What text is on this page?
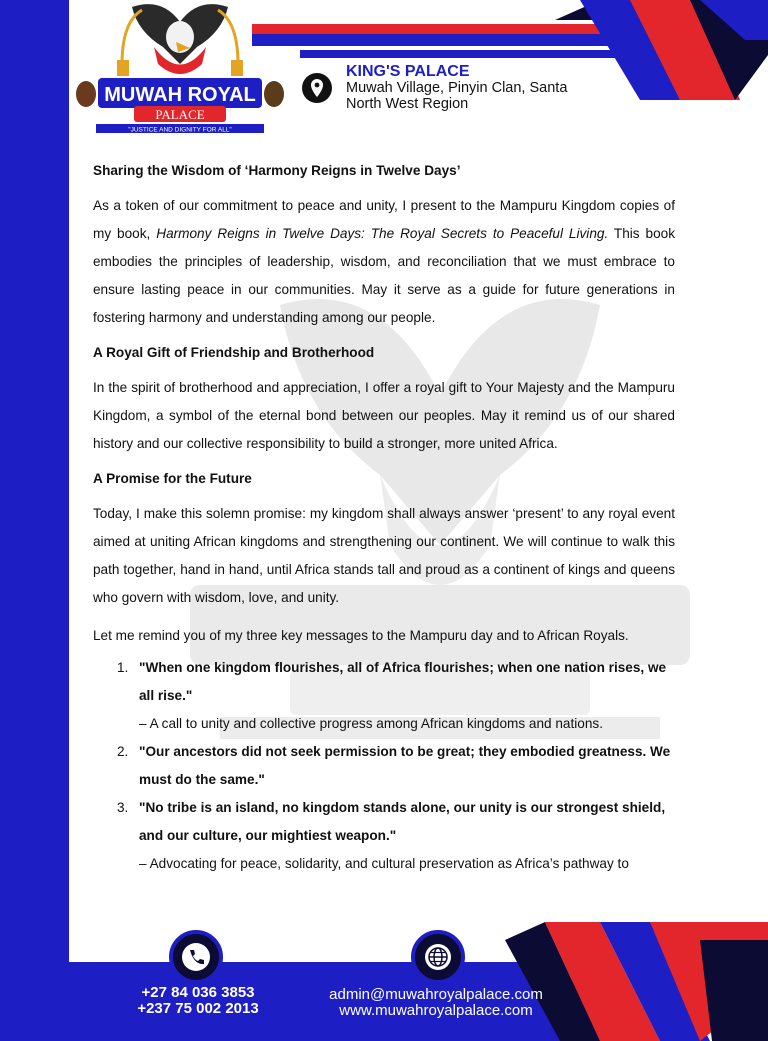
MUWAH ROYAL
PALACE
"JUSTICE AND DIGNITY FOR ALL"
KING'S PALACE
Muwah Village, Pinyin Clan, Santa
North West Region
Sharing the Wisdom of ‘Harmony Reigns in Twelve Days’

As a token of our commitment to peace and unity, I present to the Mampuru Kingdom copies of my book, Harmony Reigns in Twelve Days: The Royal Secrets to Peaceful Living. This book embodies the principles of leadership, wisdom, and reconciliation that we must embrace to ensure lasting peace in our communities. May it serve as a guide for future generations in fostering harmony and understanding among our people.

A Royal Gift of Friendship and Brotherhood

In the spirit of brotherhood and appreciation, I offer a royal gift to Your Majesty and the Mampuru Kingdom, a symbol of the eternal bond between our peoples. May it remind us of our shared history and our collective responsibility to build a stronger, more united Africa.

A Promise for the Future

Today, I make this solemn promise: my kingdom shall always answer ‘present’ to any royal event aimed at uniting African kingdoms and strengthening our continent. We will continue to walk this path together, hand in hand, until Africa stands tall and proud as a continent of kings and queens who govern with wisdom, love, and unity.

Let me remind you of my three key messages to the Mampuru day and to African Royals.

1. "When one kingdom flourishes, all of Africa flourishes; when one nation rises, we all rise."
– A call to unity and collective progress among African kingdoms and nations.
2. "Our ancestors did not seek permission to be great; they embodied greatness. We must do the same."
3. "No tribe is an island, no kingdom stands alone, our unity is our strongest shield, and our culture, our mightiest weapon."
– Advocating for peace, solidarity, and cultural preservation as Africa’s pathway to
+27 84 036 3853
+237 75 002 2013
admin@muwahroyalpalace.com
www.muwahroyalpalace.com
